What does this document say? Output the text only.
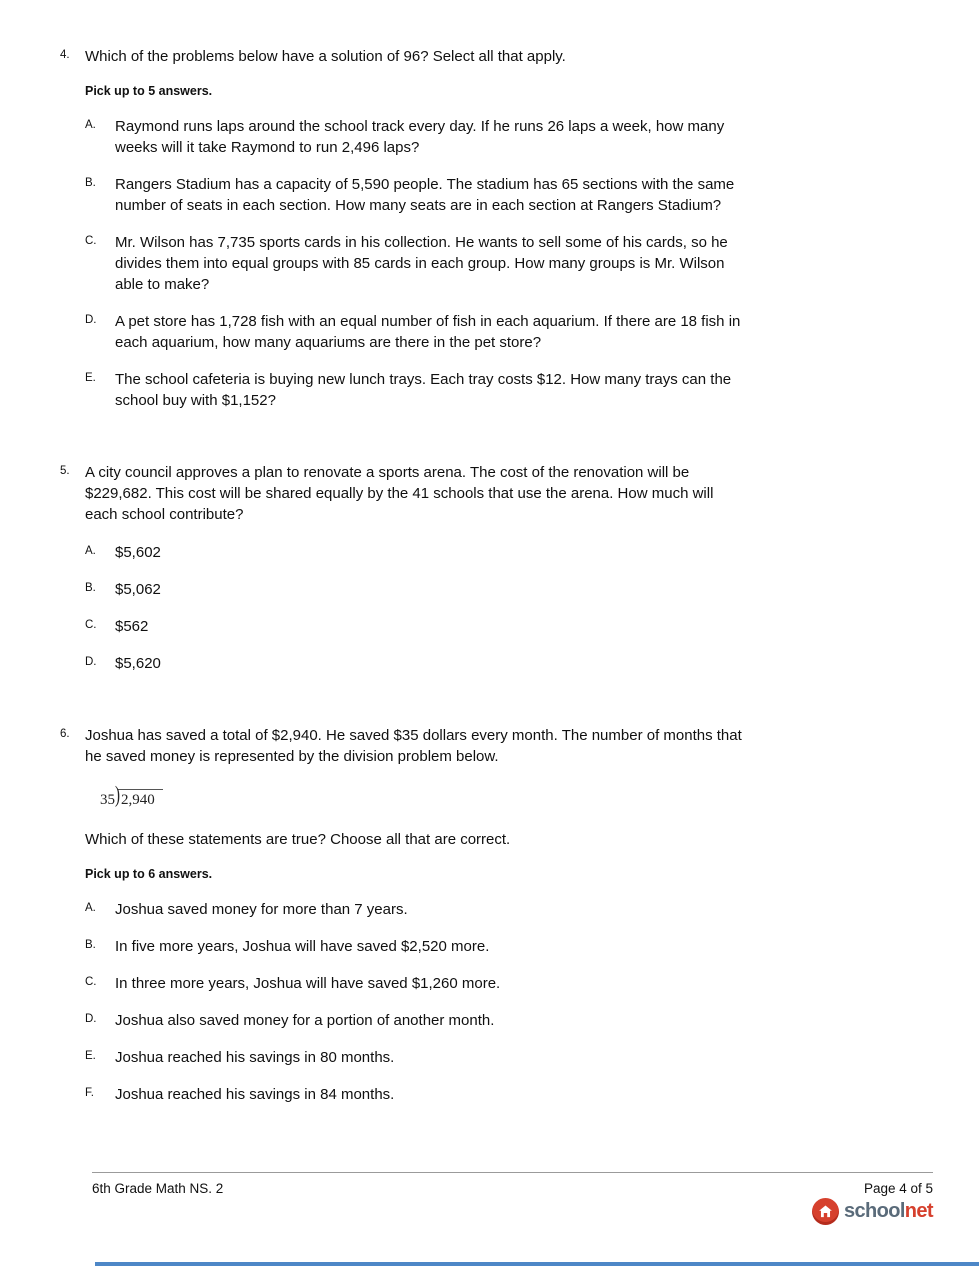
4.	Which of the problems below have a solution of 96? Select all that apply.

Pick up to 5 answers.

A.	Raymond runs laps around the school track every day. If he runs 26 laps a week, how many weeks will it take Raymond to run 2,496 laps?

B.	Rangers Stadium has a capacity of 5,590 people. The stadium has 65 sections with the same number of seats in each section. How many seats are in each section at Rangers Stadium?

C.	Mr. Wilson has 7,735 sports cards in his collection. He wants to sell some of his cards, so he divides them into equal groups with 85 cards in each group. How many groups is Mr. Wilson able to make?

D.	A pet store has 1,728 fish with an equal number of fish in each aquarium. If there are 18 fish in each aquarium, how many aquariums are there in the pet store?

E.	The school cafeteria is buying new lunch trays. Each tray costs $12. How many trays can the school buy with $1,152?

5.	A city council approves a plan to renovate a sports arena. The cost of the renovation will be $229,682. This cost will be shared equally by the 41 schools that use the arena. How much will each school contribute?

A.	$5,602

B.	$5,062

C.	$562

D.	$5,620

6.	Joshua has saved a total of $2,940. He saved $35 dollars every month. The number of months that he saved money is represented by the division problem below.

35 ) 2,940

Which of these statements are true? Choose all that are correct.

Pick up to 6 answers.

A.	Joshua saved money for more than 7 years.

B.	In five more years, Joshua will have saved $2,520 more.

C.	In three more years, Joshua will have saved $1,260 more.

D.	Joshua also saved money for a portion of another month.

E.	Joshua reached his savings in 80 months.

F.	Joshua reached his savings in 84 months.

6th Grade Math NS. 2	Page 4 of 5
schoolnet
